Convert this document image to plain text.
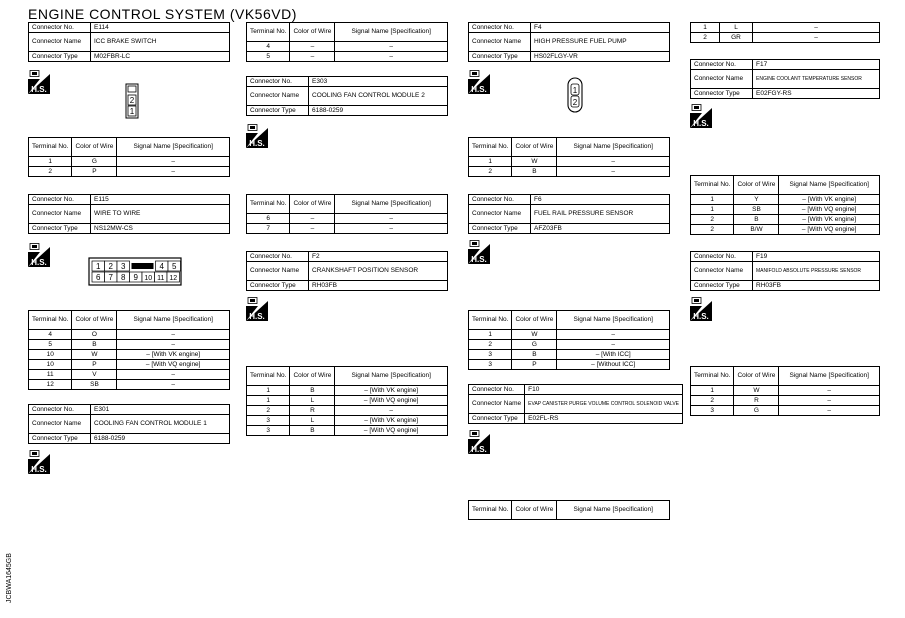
ENGINE CONTROL SYSTEM (VK56VD)
Connector No.	E114
Connector Name	ICC BRAKE SWITCH
Connector Type	M02FBR-LC
H.S.
2
1
Terminal No.	Color of Wire	Signal Name [Specification]
1	G	–
2	P	–
Connector No.	E115
Connector Name	WIRE TO WIRE
Connector Type	NS12MW-CS
H.S.	1 2 3	4 5
6 7 8 9 10 11 12
Terminal No.	Color of Wire	Signal Name [Specification]
4	O	–
5	B	–
10	W	– [With VK engine]
10	P	– [With VQ engine]
11	V	–
12	SB	–
Connector No.	E301
Connector Name	COOLING FAN CONTROL MODULE 1
Connector Type	6188-0259
H.S.
Terminal No.	Color of Wire	Signal Name [Specification]
4	–	–
5	–	–
Connector No.	E303
Connector Name	COOLING FAN CONTROL MODULE 2
Connector Type	6188-0259
H.S.
Terminal No.	Color of Wire	Signal Name [Specification]
6	–	–
7	–	–
Connector No.	F2
Connector Name	CRANKSHAFT POSITION SENSOR
Connector Type	RH03FB
H.S.
Terminal No.	Color of Wire	Signal Name [Specification]
1	B	– [With VK engine]
1	L	– [With VQ engine]
2	R	–
3	L	– [With VK engine]
3	B	– [With VQ engine]
Connector No.	F4
Connector Name	HIGH PRESSURE FUEL PUMP
Connector Type	HS02FLGY-VR
H.S.	1
2
Terminal No.	Color of Wire	Signal Name [Specification]
1	W	–
2	B	–
Connector No.	F6
Connector Name	FUEL RAIL PRESSURE SENSOR
Connector Type	AFZ03FB
H.S.
Terminal No.	Color of Wire	Signal Name [Specification]
1	W	–
2	G	–
3	B	– [With ICC]
3	P	– [Without ICC]
Connector No.	F10
Connector Name	EVAP CANISTER PURGE VOLUME CONTROL SOLENOID VALVE
Connector Type	E02FL-RS
H.S.
Terminal No.	Color of Wire	Signal Name [Specification]
1	L	–
2	GR	–
Connector No.	F17
Connector Name	ENGINE COOLANT TEMPERATURE SENSOR
Connector Type	E02FGY-RS
H.S.
Terminal No.	Color of Wire	Signal Name [Specification]
1	Y	– [With VK engine]
1	SB	– [With VQ engine]
2	B	– [With VK engine]
2	B/W	– [With VQ engine]
Connector No.	F19
Connector Name	MANIFOLD ABSOLUTE PRESSURE SENSOR
Connector Type	RH03FB
H.S.
Terminal No.	Color of Wire	Signal Name [Specification]
1	W	–
2	R	–
3	G	–
JCBWA1645GB
